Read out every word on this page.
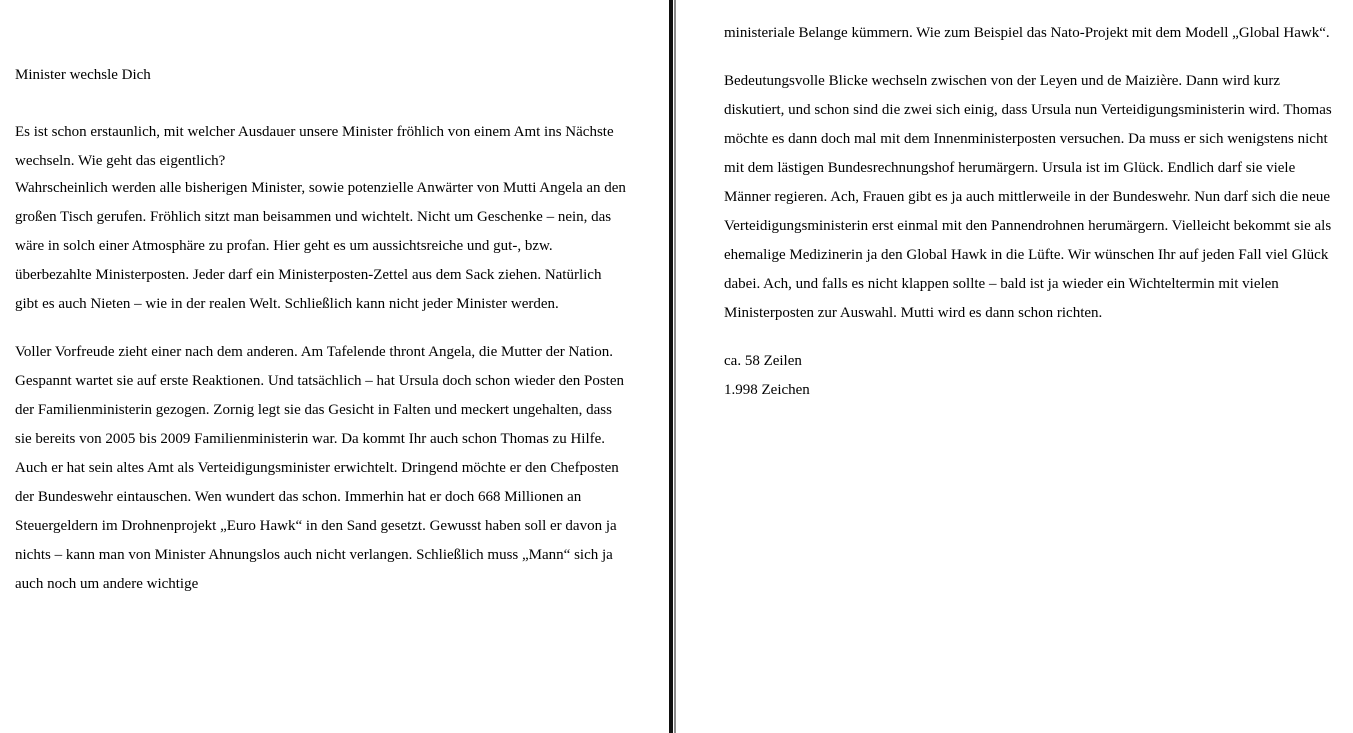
Minister wechsle Dich

Es ist schon erstaunlich, mit welcher Ausdauer unsere Minister fröhlich von einem Amt ins Nächste wechseln. Wie geht das eigentlich?

Wahrscheinlich werden alle bisherigen Minister, sowie potenzielle Anwärter von Mutti Angela an den großen Tisch gerufen. Fröhlich sitzt man beisammen und wichtelt. Nicht um Geschenke – nein, das wäre in solch einer Atmosphäre zu profan. Hier geht es um aussichtsreiche und gut-, bzw. überbezahlte Ministerposten. Jeder darf ein Ministerposten-Zettel aus dem Sack ziehen. Natürlich gibt es auch Nieten – wie in der realen Welt. Schließlich kann nicht jeder Minister werden.

Voller Vorfreude zieht einer nach dem anderen. Am Tafelende thront Angela, die Mutter der Nation. Gespannt wartet sie auf erste Reaktionen. Und tatsächlich – hat Ursula doch schon wieder den Posten der Familienministerin gezogen. Zornig legt sie das Gesicht in Falten und meckert ungehalten, dass sie bereits von 2005 bis 2009 Familienministerin war. Da kommt Ihr auch schon Thomas zu Hilfe. Auch er hat sein altes Amt als Verteidigungsminister erwichtelt. Dringend möchte er den Chefposten der Bundeswehr eintauschen. Wen wundert das schon. Immerhin hat er doch 668 Millionen an Steuergeldern im Drohnenprojekt „Euro Hawk“ in den Sand gesetzt. Gewusst haben soll er davon ja nichts – kann man von Minister Ahnungslos auch nicht verlangen. Schließlich muss „Mann“ sich ja auch noch um andere wichtige

ministeriale Belange kümmern. Wie zum Beispiel das Nato-Projekt mit dem Modell „Global Hawk“.

Bedeutungsvolle Blicke wechseln zwischen von der Leyen und de Maizière. Dann wird kurz diskutiert, und schon sind die zwei sich einig, dass Ursula nun Verteidigungsministerin wird. Thomas möchte es dann doch mal mit dem Innenministerposten versuchen. Da muss er sich wenigstens nicht mit dem lästigen Bundesrechnungshof herumärgern. Ursula ist im Glück. Endlich darf sie viele Männer regieren. Ach, Frauen gibt es ja auch mittlerweile in der Bundeswehr. Nun darf sich die neue Verteidigungsministerin erst einmal mit den Pannendrohnen herumärgern. Vielleicht bekommt sie als ehemalige Medizinerin ja den Global Hawk in die Lüfte. Wir wünschen Ihr auf jeden Fall viel Glück dabei. Ach, und falls es nicht klappen sollte – bald ist ja wieder ein Wichteltermin mit vielen Ministerposten zur Auswahl. Mutti wird es dann schon richten.

ca. 58 Zeilen

1.998 Zeichen
